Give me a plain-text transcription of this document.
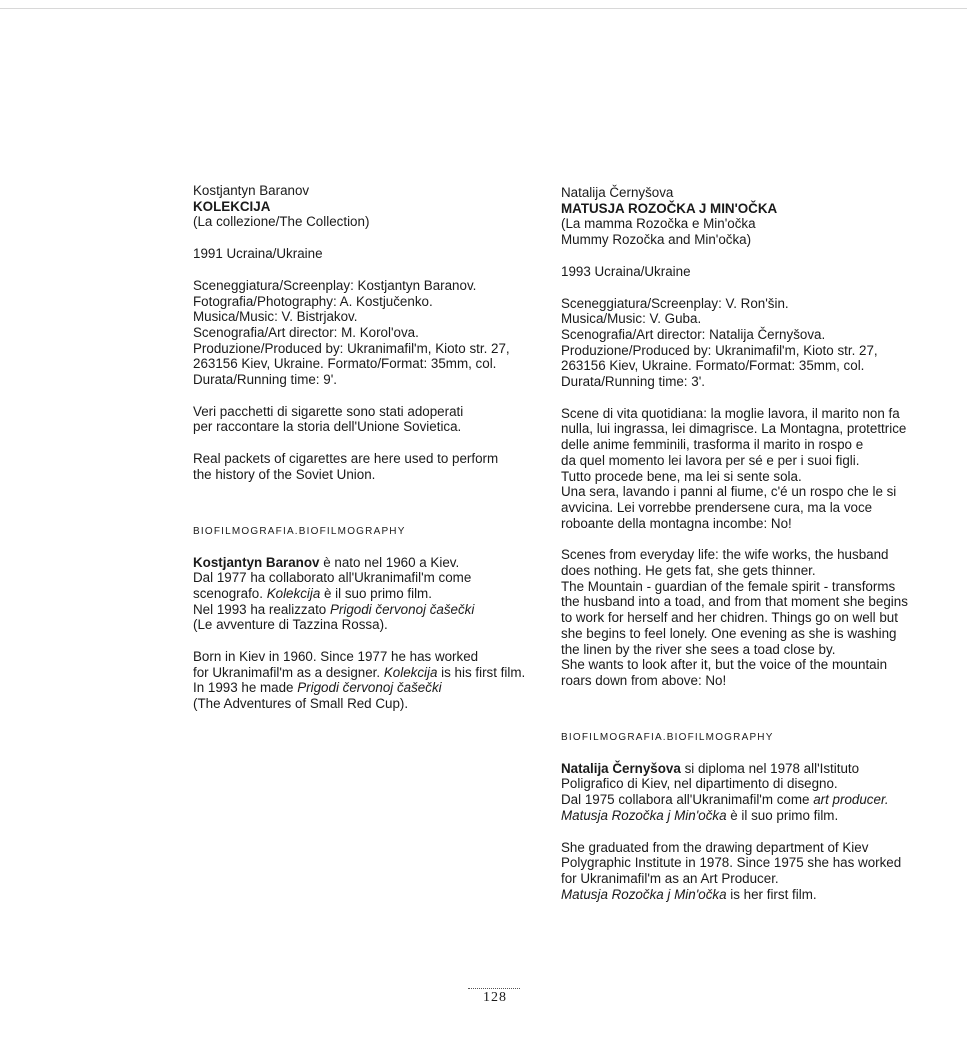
Kostjantyn Baranov
KOLEKCIJA
(La collezione/The Collection)
1991 Ucraina/Ukraine
Sceneggiatura/Screenplay: Kostjantyn Baranov.
Fotografia/Photography: A. Kostjučenko.
Musica/Music: V. Bistrjakov.
Scenografia/Art director: M. Korol'ova.
Produzione/Produced by: Ukranimafil'm, Kioto str. 27,
263156 Kiev, Ukraine. Formato/Format: 35mm, col.
Durata/Running time: 9'.
Veri pacchetti di sigarette sono stati adoperati
per raccontare la storia dell'Unione Sovietica.
Real packets of cigarettes are here used to perform
the history of the Soviet Union.
BIOFILMOGRAFIA.BIOFILMOGRAPHY
Kostjantyn Baranov è nato nel 1960 a Kiev.
Dal 1977 ha collaborato all'Ukranimafil'm come
scenografo. Kolekcija è il suo primo film.
Nel 1993 ha realizzato Prigodi červonoj čašečki
(Le avventure di Tazzina Rossa).
Born in Kiev in 1960. Since 1977 he has worked
for Ukranimafil'm as a designer. Kolekcija is his first film.
In 1993 he made Prigodi červonoj čašečki
(The Adventures of Small Red Cup).
Natalija Černyšova
MATUSJA ROZOČKA J MIN'OČKA
(La mamma Rozočka e Min'očka
Mummy Rozočka and Min'očka)
1993 Ucraina/Ukraine
Sceneggiatura/Screenplay: V. Ron'šin.
Musica/Music: V. Guba.
Scenografia/Art director: Natalija Černyšova.
Produzione/Produced by: Ukranimafil'm, Kioto str. 27,
263156 Kiev, Ukraine. Formato/Format: 35mm, col.
Durata/Running time: 3'.
Scene di vita quotidiana: la moglie lavora, il marito non fa
nulla, lui ingrassa, lei dimagrisce. La Montagna, protettrice
delle anime femminili, trasforma il marito in rospo e
da quel momento lei lavora per sé e per i suoi figli.
Tutto procede bene, ma lei si sente sola.
Una sera, lavando i panni al fiume, c'é un rospo che le si
avvicina. Lei vorrebbe prendersene cura, ma la voce
roboante della montagna incombe: No!
Scenes from everyday life: the wife works, the husband
does nothing. He gets fat, she gets thinner.
The Mountain - guardian of the female spirit - transforms
the husband into a toad, and from that moment she begins
to work for herself and her chidren. Things go on well but
she begins to feel lonely. One evening as she is washing
the linen by the river she sees a toad close by.
She wants to look after it, but the voice of the mountain
roars down from above: No!
BIOFILMOGRAFIA.BIOFILMOGRAPHY
Natalija Černyšova si diploma nel 1978 all'Istituto
Poligrafico di Kiev, nel dipartimento di disegno.
Dal 1975 collabora all'Ukranimafil'm come art producer.
Matusja Rozočka j Min'očka è il suo primo film.
She graduated from the drawing department of Kiev
Polygraphic Institute in 1978. Since 1975 she has worked
for Ukranimafil'm as an Art Producer.
Matusja Rozočka j Min'očka is her first film.
128
